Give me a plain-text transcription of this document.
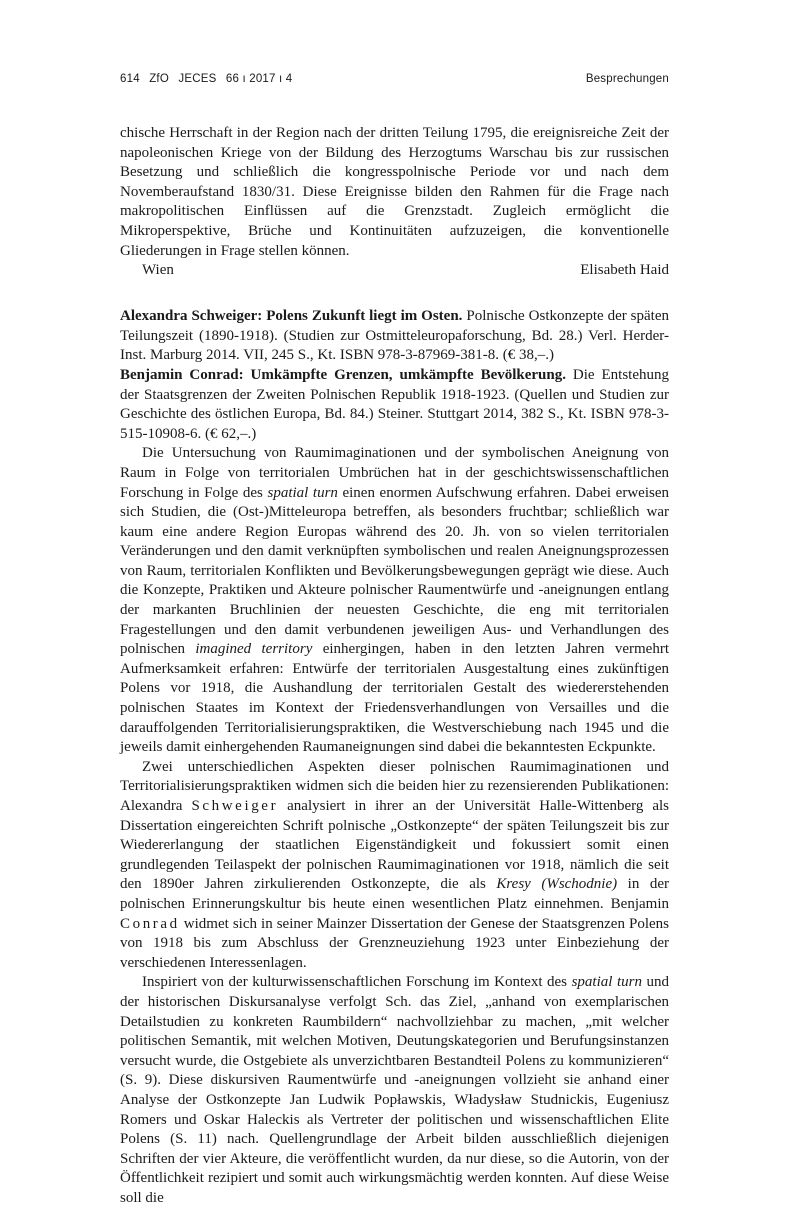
614 ZfO JECES 66 ı 2017 ı 4	Besprechungen

chische Herrschaft in der Region nach der dritten Teilung 1795, die ereignisreiche Zeit der napoleonischen Kriege von der Bildung des Herzogtums Warschau bis zur russischen Besetzung und schließlich die kongresspolnische Periode vor und nach dem Novemberaufstand 1830/31. Diese Ereignisse bilden den Rahmen für die Frage nach makropolitischen Einflüssen auf die Grenzstadt. Zugleich ermöglicht die Mikroperspektive, Brüche und Kontinuitäten aufzuzeigen, die konventionelle Gliederungen in Frage stellen können.

Wien	Elisabeth Haid

Alexandra Schweiger: Polens Zukunft liegt im Osten. Polnische Ostkonzepte der späten Teilungszeit (1890-1918). (Studien zur Ostmitteleuropaforschung, Bd. 28.) Verl. Herder-Inst. Marburg 2014. VII, 245 S., Kt. ISBN 978-3-87969-381-8. (€ 38,–.)

Benjamin Conrad: Umkämpfte Grenzen, umkämpfte Bevölkerung. Die Entstehung der Staatsgrenzen der Zweiten Polnischen Republik 1918-1923. (Quellen und Studien zur Geschichte des östlichen Europa, Bd. 84.) Steiner. Stuttgart 2014, 382 S., Kt. ISBN 978-3-515-10908-6. (€ 62,–.)

Die Untersuchung von Raumimaginationen und der symbolischen Aneignung von Raum in Folge von territorialen Umbrüchen hat in der geschichtswissenschaftlichen Forschung in Folge des spatial turn einen enormen Aufschwung erfahren. Dabei erweisen sich Studien, die (Ost-)Mitteleuropa betreffen, als besonders fruchtbar; schließlich war kaum eine andere Region Europas während des 20. Jh. von so vielen territorialen Veränderungen und den damit verknüpften symbolischen und realen Aneignungsprozessen von Raum, territorialen Konflikten und Bevölkerungsbewegungen geprägt wie diese. Auch die Konzepte, Praktiken und Akteure polnischer Raumentwürfe und -aneignungen entlang der markanten Bruchlinien der neuesten Geschichte, die eng mit territorialen Fragestellungen und den damit verbundenen jeweiligen Aus- und Verhandlungen des polnischen imagined territory einhergingen, haben in den letzten Jahren vermehrt Aufmerksamkeit erfahren: Entwürfe der territorialen Ausgestaltung eines zukünftigen Polens vor 1918, die Aushandlung der territorialen Gestalt des wiedererstehenden polnischen Staates im Kontext der Friedensverhandlungen von Versailles und die darauffolgenden Territorialisierungspraktiken, die Westverschiebung nach 1945 und die jeweils damit einhergehenden Raumaneignungen sind dabei die bekanntesten Eckpunkte.

Zwei unterschiedlichen Aspekten dieser polnischen Raumimaginationen und Territorialisierungspraktiken widmen sich die beiden hier zu rezensierenden Publikationen: Alexandra Schweiger analysiert in ihrer an der Universität Halle-Wittenberg als Dissertation eingereichten Schrift polnische „Ostkonzepte“ der späten Teilungszeit bis zur Wiedererlangung der staatlichen Eigenständigkeit und fokussiert somit einen grundlegenden Teilaspekt der polnischen Raumimaginationen vor 1918, nämlich die seit den 1890er Jahren zirkulierenden Ostkonzepte, die als Kresy (Wschodnie) in der polnischen Erinnerungskultur bis heute einen wesentlichen Platz einnehmen. Benjamin Conrad widmet sich in seiner Mainzer Dissertation der Genese der Staatsgrenzen Polens von 1918 bis zum Abschluss der Grenzneuziehung 1923 unter Einbeziehung der verschiedenen Interessenlagen.

Inspiriert von der kulturwissenschaftlichen Forschung im Kontext des spatial turn und der historischen Diskursanalyse verfolgt Sch. das Ziel, „anhand von exemplarischen Detailstudien zu konkreten Raumbildern“ nachvollziehbar zu machen, „mit welcher politischen Semantik, mit welchen Motiven, Deutungskategorien und Berufungsinstanzen versucht wurde, die Ostgebiete als unverzichtbaren Bestandteil Polens zu kommunizieren“ (S. 9). Diese diskursiven Raumentwürfe und -aneignungen vollzieht sie anhand einer Analyse der Ostkonzepte Jan Ludwik Popławskis, Władysław Studnickis, Eugeniusz Romers und Oskar Haleckis als Vertreter der politischen und wissenschaftlichen Elite Polens (S. 11) nach. Quellengrundlage der Arbeit bilden ausschließlich diejenigen Schriften der vier Akteure, die veröffentlicht wurden, da nur diese, so die Autorin, von der Öffentlichkeit rezipiert und somit auch wirkungsmächtig werden konnten. Auf diese Weise soll die
